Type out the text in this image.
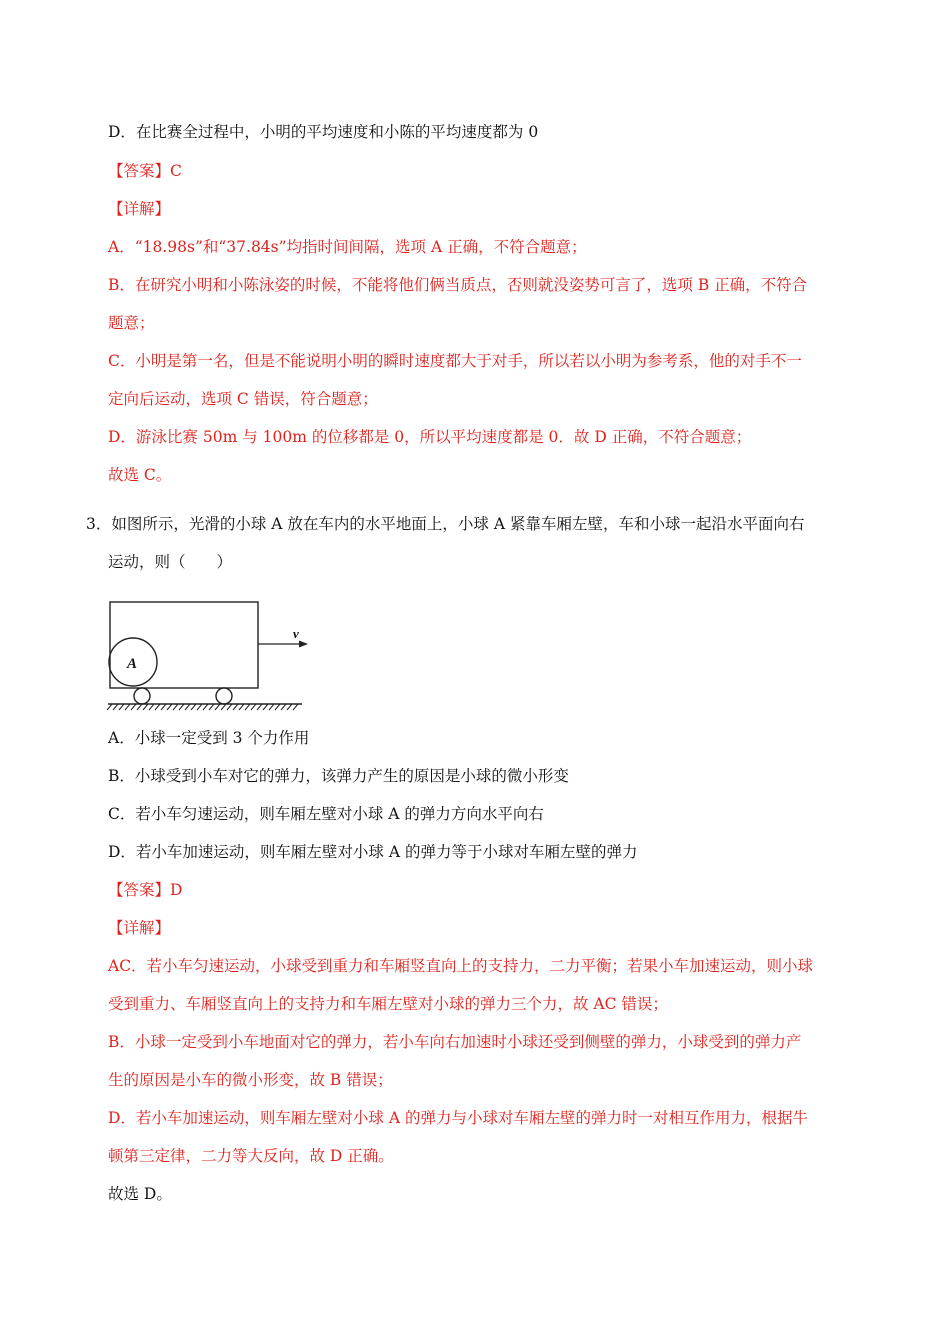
D．在比赛全过程中，小明的平均速度和小陈的平均速度都为 0
【答案】C
【详解】
A．“18.98s”和“37.84s”均指时间间隔，选项 A 正确，不符合题意；
B．在研究小明和小陈泳姿的时候，不能将他们俩当质点，否则就没姿势可言了，选项 B 正确，不符合
题意；
C．小明是第一名，但是不能说明小明的瞬时速度都大于对手，所以若以小明为参考系，他的对手不一
定向后运动，选项 C 错误，符合题意；
D．游泳比赛 50m 与 100m 的位移都是 0，所以平均速度都是 0．故 D 正确，不符合题意；
故选 C。
3．如图所示，光滑的小球 A 放在车内的水平地面上，小球 A 紧靠车厢左壁，车和小球一起沿水平面向右
运动，则（　　）
A
v
A．小球一定受到 3 个力作用
B．小球受到小车对它的弹力，该弹力产生的原因是小球的微小形变
C．若小车匀速运动，则车厢左壁对小球 A 的弹力方向水平向右
D．若小车加速运动，则车厢左壁对小球 A 的弹力等于小球对车厢左壁的弹力
【答案】D
【详解】
AC．若小车匀速运动，小球受到重力和车厢竖直向上的支持力，二力平衡；若果小车加速运动，则小球
受到重力、车厢竖直向上的支持力和车厢左壁对小球的弹力三个力，故 AC 错误；
B．小球一定受到小车地面对它的弹力，若小车向右加速时小球还受到侧壁的弹力，小球受到的弹力产
生的原因是小车的微小形变，故 B 错误；
D．若小车加速运动，则车厢左壁对小球 A 的弹力与小球对车厢左壁的弹力时一对相互作用力，根据牛
顿第三定律，二力等大反向，故 D 正确。
故选 D。
